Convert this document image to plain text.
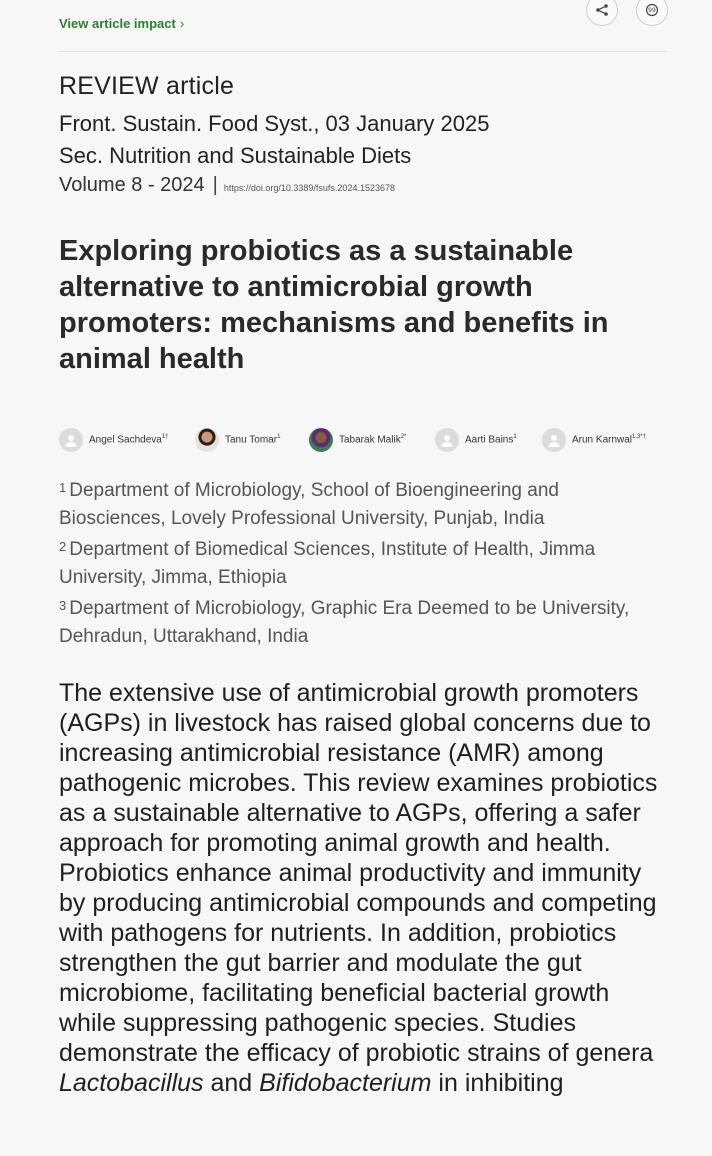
View article impact ›
99
REVIEW article
Front. Sustain. Food Syst., 03 January 2025
Sec. Nutrition and Sustainable Diets
Volume 8 - 2024 | https://doi.org/10.3389/fsufs.2024.1523678
Exploring probiotics as a sustainable alternative to antimicrobial growth promoters: mechanisms and benefits in animal health
Angel Sachdeva$^{1\dagger}$	Tanu Tomar$^1$	Tabarak Malik$^{2*}$	Aarti Bains$^1$	Arun Karnwal$^{1,3*\dagger}$
$^1$ Department of Microbiology, School of Bioengineering and Biosciences, Lovely Professional University, Punjab, India
$^2$ Department of Biomedical Sciences, Institute of Health, Jimma University, Jimma, Ethiopia
$^3$ Department of Microbiology, Graphic Era Deemed to be University, Dehradun, Uttarakhand, India
The extensive use of antimicrobial growth promoters (AGPs) in livestock has raised global concerns due to increasing antimicrobial resistance (AMR) among pathogenic microbes. This review examines probiotics as a sustainable alternative to AGPs, offering a safer approach for promoting animal growth and health. Probiotics enhance animal productivity and immunity by producing antimicrobial compounds and competing with pathogens for nutrients. In addition, probiotics strengthen the gut barrier and modulate the gut microbiome, facilitating beneficial bacterial growth while suppressing pathogenic species. Studies demonstrate the efficacy of probiotic strains of genera Lactobacillus and Bifidobacterium in inhibiting
